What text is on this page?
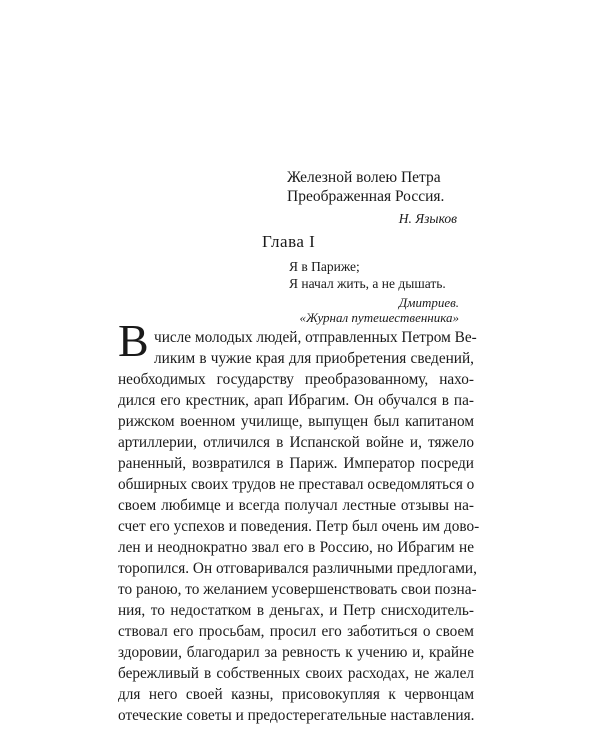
Железной волею Петра
Преображенная Россия.
Н. Языков
Глава I
Я в Париже;
Я начал жить, а не дышать.
Дмитриев.
«Журнал путешественника»
В числе молодых людей, отправленных Петром Ве-
ликим в чужие края для приобретения сведений,
необходимых государству преобразованному, нахо-
дился его крестник, арап Ибрагим. Он обучался в па-
рижском военном училище, выпущен был капитаном
артиллерии, отличился в Испанской войне и, тяжело
раненный, возвратился в Париж. Император посреди
обширных своих трудов не преставал осведомляться о
своем любимце и всегда получал лестные отзывы на-
счет его успехов и поведения. Петр был очень им дово-
лен и неоднократно звал его в Россию, но Ибрагим не
торопился. Он отговаривался различными предлогами,
то раною, то желанием усовершенствовать свои позна-
ния, то недостатком в деньгах, и Петр снисходитель-
ствовал его просьбам, просил его заботиться о своем
здоровии, благодарил за ревность к учению и, крайне
бережливый в собственных своих расходах, не жалел
для него своей казны, присовокупляя к червонцам
отеческие советы и предостерегательные наставления.
